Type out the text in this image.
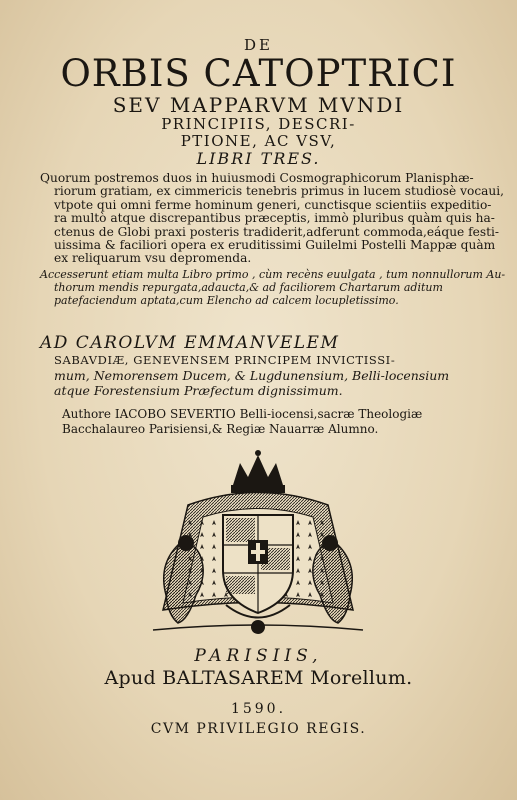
DE
ORBIS CATOPTRICI
SEV MAPPARVM MVNDI
PRINCIPIIS, DESCRI-
PTIONE, AC VSV,
LIBRI TRES.
Quorum postremos duos in huiusmodi Cosmographicorum Planisphæ-
riorum gratiam, ex cimmericis tenebris primus in lucem studiosè vocaui,
vtpote qui omni ferme hominum generi, cunctisque scientiis expeditio-
ra multò atque discrepantibus præceptis, immò pluribus quàm quis ha-
ctenus de Globi praxi posteris tradiderit,adferunt commoda,eáque festi-
uissima & faciliori opera ex eruditissimi Guilelmi Postelli Mappæ quàm
ex reliquarum vsu depromenda.
Accesserunt etiam multa Libro primo , cùm recèns euulgata , tum nonnullorum Au-
thorum mendis repurgata,adaucta,& ad faciliorem Chartarum aditum
patefaciendum aptata,cum Elencho ad calcem locupletissimo.
AD CAROLVM EMMANVELEM
SABAVDIÆ, GENEVENSEM PRINCIPEM INVICTISSI-
mum, Nemorensem Ducem, & Lugdunensium, Belli-locensium
atque Forestensium Præfectum dignissimum.
Authore IACOBO SEVERTIO Belli-iocensi,sacræ Theologiæ
Bacchalaureo Parisiensi,& Regiæ Nauarræ Alumno.
PARISIIS,
Apud BALTASAREM Morellum.
1590.
CVM PRIVILEGIO REGIS.
